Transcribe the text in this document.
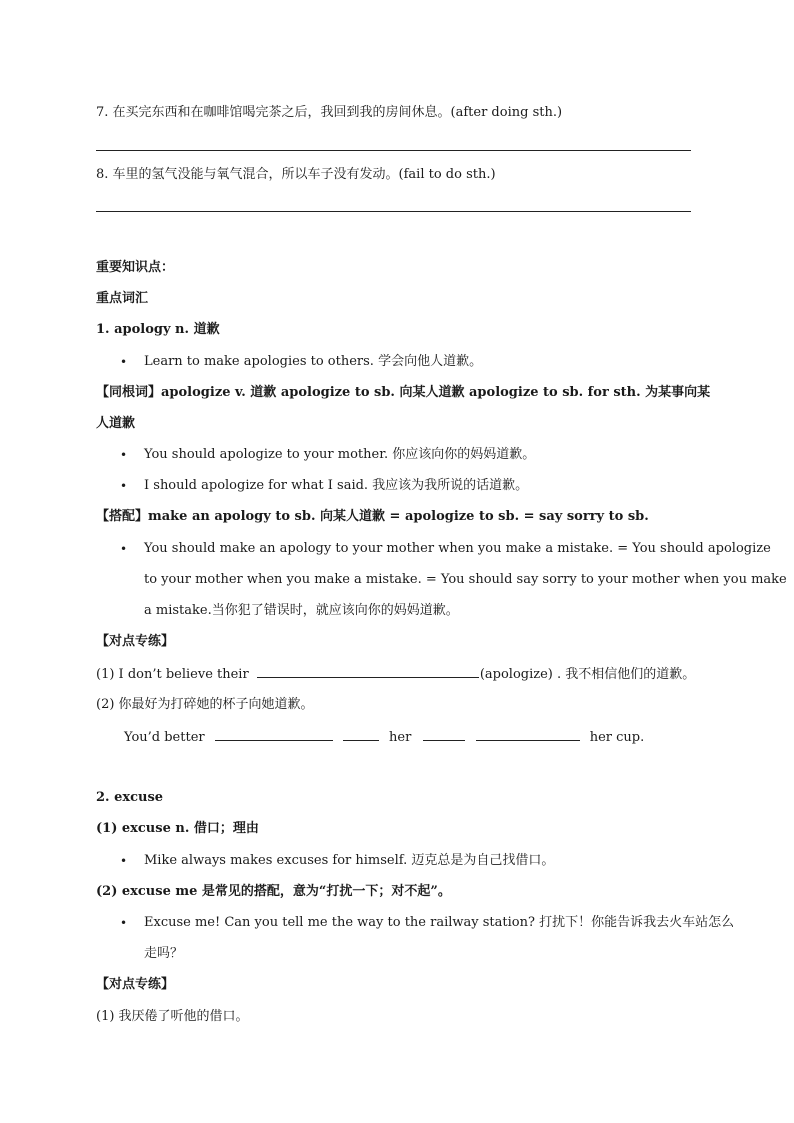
7. 在买完东西和在咖啡馆喝完茶之后，我回到我的房间休息。(after doing sth.)
8. 车里的氢气没能与氧气混合，所以车子没有发动。(fail to do sth.)
重要知识点：
重点词汇
1. apology n. 道歉
• Learn to make apologies to others. 学会向他人道歉。
【同根词】apologize v. 道歉 apologize to sb. 向某人道歉 apologize to sb. for sth. 为某事向某
人道歉
• You should apologize to your mother. 你应该向你的妈妈道歉。
• I should apologize for what I said. 我应该为我所说的话道歉。
【搭配】make an apology to sb. 向某人道歉 = apologize to sb. = say sorry to sb.
• You should make an apology to your mother when you make a mistake. = You should apologize
to your mother when you make a mistake. = You should say sorry to your mother when you make
a mistake.当你犯了错误时，就应该向你的妈妈道歉。
【对点专练】
(1) I don’t believe their	(apologize) . 我不相信他们的道歉。
(2) 你最好为打碎她的杯子向她道歉。
You’d better	her	her cup.
2. excuse
(1) excuse n. 借口；理由
• Mike always makes excuses for himself. 迈克总是为自己找借口。
(2) excuse me 是常见的搭配，意为“打扰一下；对不起”。
• Excuse me! Can you tell me the way to the railway station? 打扰下！你能告诉我去火车站怎么
走吗？
【对点专练】
(1) 我厌倦了听他的借口。
